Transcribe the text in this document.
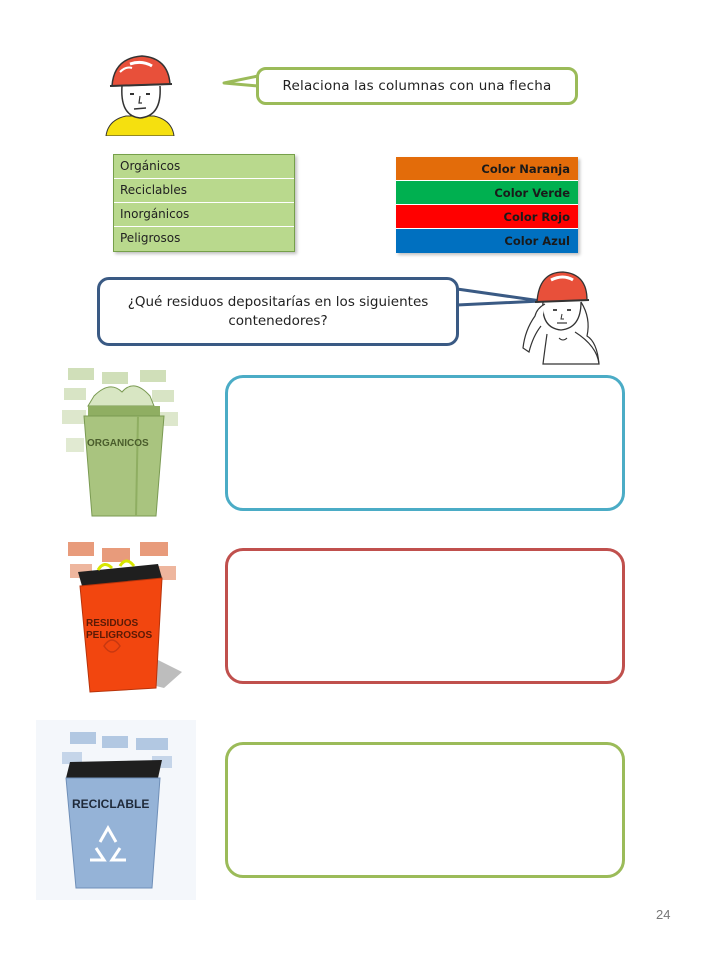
Relaciona las columnas con una flecha
Orgánicos
Reciclables
Inorgánicos
Peligrosos
Color Naranja
Color Verde
Color Rojo
Color Azul
¿Qué residuos depositarías en los siguientes contenedores?
ORGANICOS
RESIDUOS
PELIGROSOS
RECICLABLE
24
